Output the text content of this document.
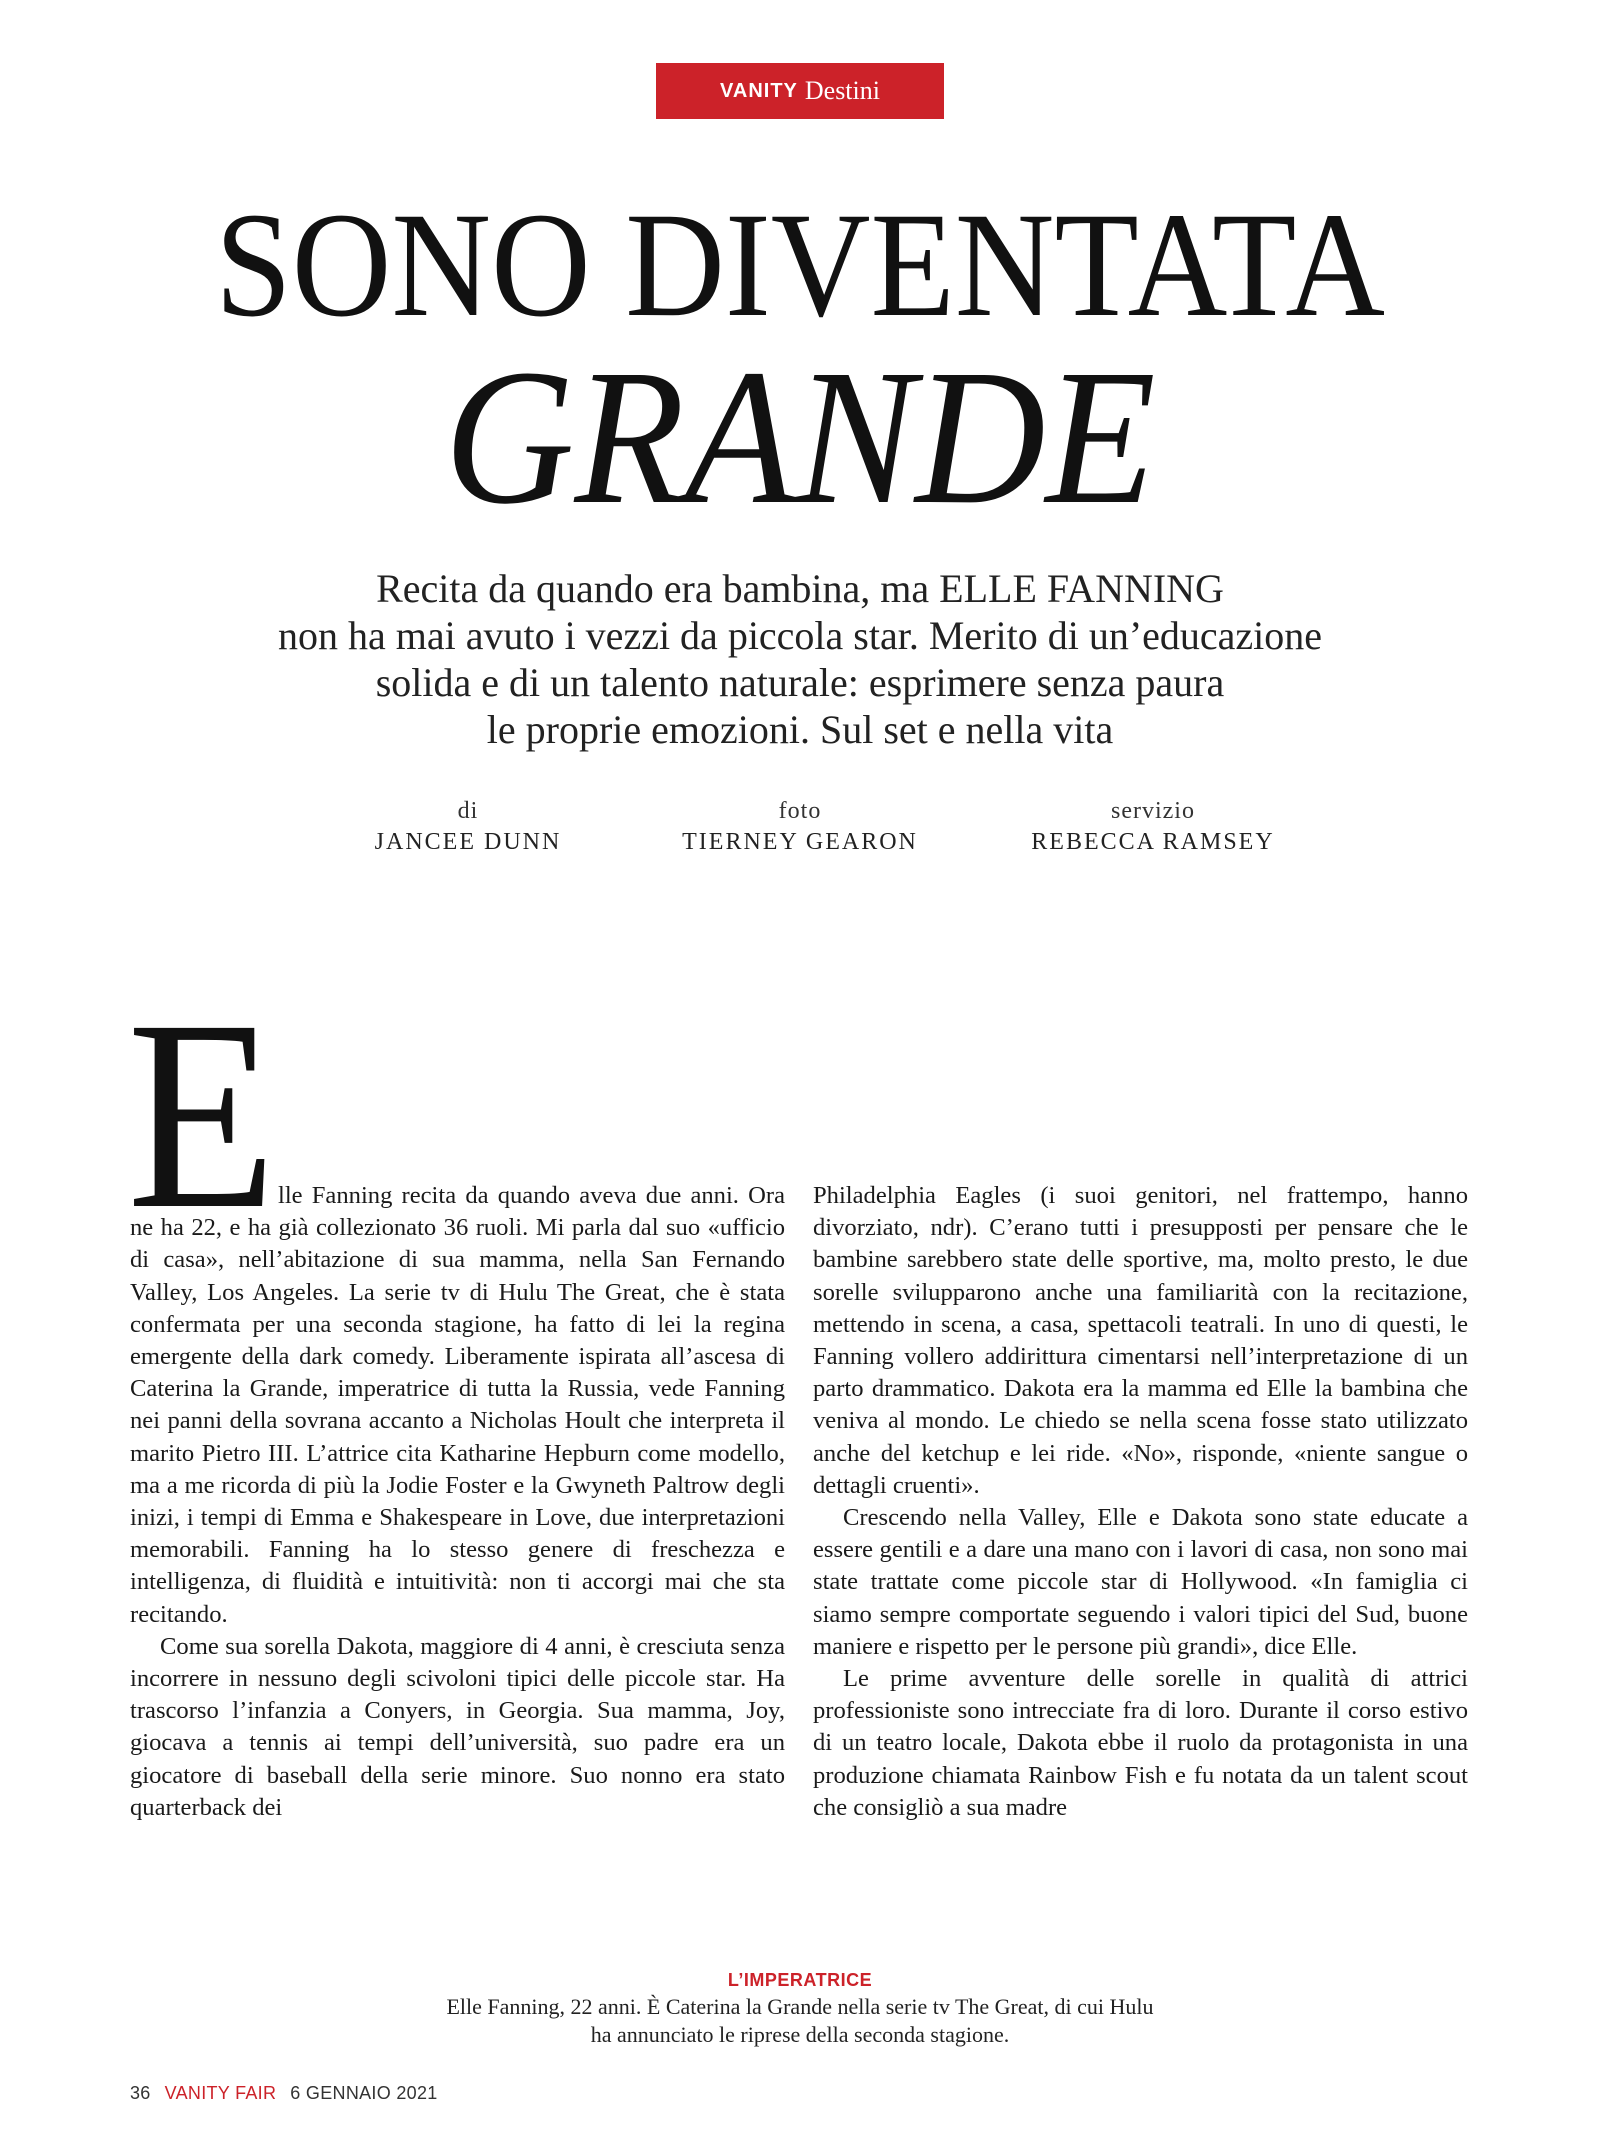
VANITY Destini
SONO DIVENTATA
GRANDE
Recita da quando era bambina, ma ELLE FANNING
non ha mai avuto i vezzi da piccola star. Merito di un’educazione
solida e di un talento naturale: esprimere senza paura
le proprie emozioni. Sul set e nella vita
di
JANCEE DUNN
foto
TIERNEY GEARON
servizio
REBECCA RAMSEY
E lle Fanning recita da quando aveva due anni. Ora ne ha 22, e ha già collezionato 36 ruoli. Mi parla dal suo «ufficio di casa», nell’abitazione di sua mamma, nella San Fernando Valley, Los Angeles. La serie tv di Hulu The Great, che è stata confermata per una seconda stagione, ha fatto di lei la regina emergente della dark comedy. Liberamente ispirata all’ascesa di Caterina la Grande, imperatrice di tutta la Russia, vede Fanning nei panni della sovrana accanto a Nicholas Hoult che interpreta il marito Pietro III. L’attrice cita Katharine Hepburn come modello, ma a me ricorda di più la Jodie Foster e la Gwyneth Paltrow degli inizi, i tempi di Emma e Shakespeare in Love, due interpretazioni memorabili. Fanning ha lo stesso genere di freschezza e intelligenza, di fluidità e intuitività: non ti accorgi mai che sta recitando.

Come sua sorella Dakota, maggiore di 4 anni, è cresciuta senza incorrere in nessuno degli scivoloni tipici delle piccole star. Ha trascorso l’infanzia a Conyers, in Georgia. Sua mamma, Joy, giocava a tennis ai tempi dell’università, suo padre era un giocatore di baseball della serie minore. Suo nonno era stato quarterback dei

Philadelphia Eagles (i suoi genitori, nel frattempo, hanno divorziato, ndr). C’erano tutti i presupposti per pensare che le bambine sarebbero state delle sportive, ma, molto presto, le due sorelle svilupparono anche una familiarità con la recitazione, mettendo in scena, a casa, spettacoli teatrali. In uno di questi, le Fanning vollero addirittura cimentarsi nell’interpretazione di un parto drammatico. Dakota era la mamma ed Elle la bambina che veniva al mondo. Le chiedo se nella scena fosse stato utilizzato anche del ketchup e lei ride. «No», risponde, «niente sangue o dettagli cruenti».

Crescendo nella Valley, Elle e Dakota sono state educate a essere gentili e a dare una mano con i lavori di casa, non sono mai state trattate come piccole star di Hollywood. «In famiglia ci siamo sempre comportate seguendo i valori tipici del Sud, buone maniere e rispetto per le persone più grandi», dice Elle.

Le prime avventure delle sorelle in qualità di attrici professioniste sono intrecciate fra di loro. Durante il corso estivo di un teatro locale, Dakota ebbe il ruolo da protagonista in una produzione chiamata Rainbow Fish e fu notata da un talent scout che consigliò a sua madre

L’IMPERATRICE
Elle Fanning, 22 anni. È Caterina la Grande nella serie tv The Great, di cui Hulu
ha annunciato le riprese della seconda stagione.
36 VANITY FAIR 6 GENNAIO 2021
